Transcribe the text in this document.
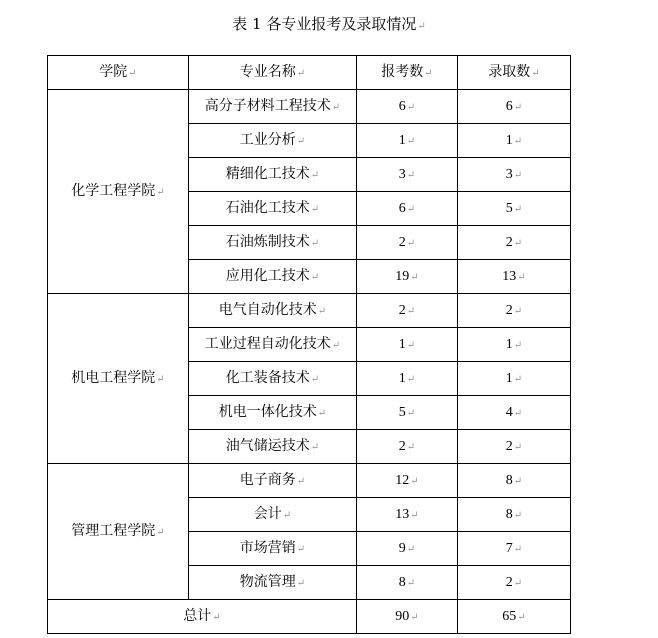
表 1 各专业报考及录取情况↵
学院↵	专业名称↵	报考数↵	录取数↵
化学工程学院↵	高分子材料工程技术↵	6↵	6↵
	工业分析↵	1↵	1↵
	精细化工技术↵	3↵	3↵
	石油化工技术↵	6↵	5↵
	石油炼制技术↵	2↵	2↵
	应用化工技术↵	19↵	13↵
机电工程学院↵	电气自动化技术↵	2↵	2↵
	工业过程自动化技术↵	1↵	1↵
	化工装备技术↵	1↵	1↵
	机电一体化技术↵	5↵	4↵
	油气储运技术↵	2↵	2↵
管理工程学院↵	电子商务↵	12↵	8↵
	会计↵	13↵	8↵
	市场营销↵	9↵	7↵
	物流管理↵	8↵	2↵
总计↵		90↵	65↵
